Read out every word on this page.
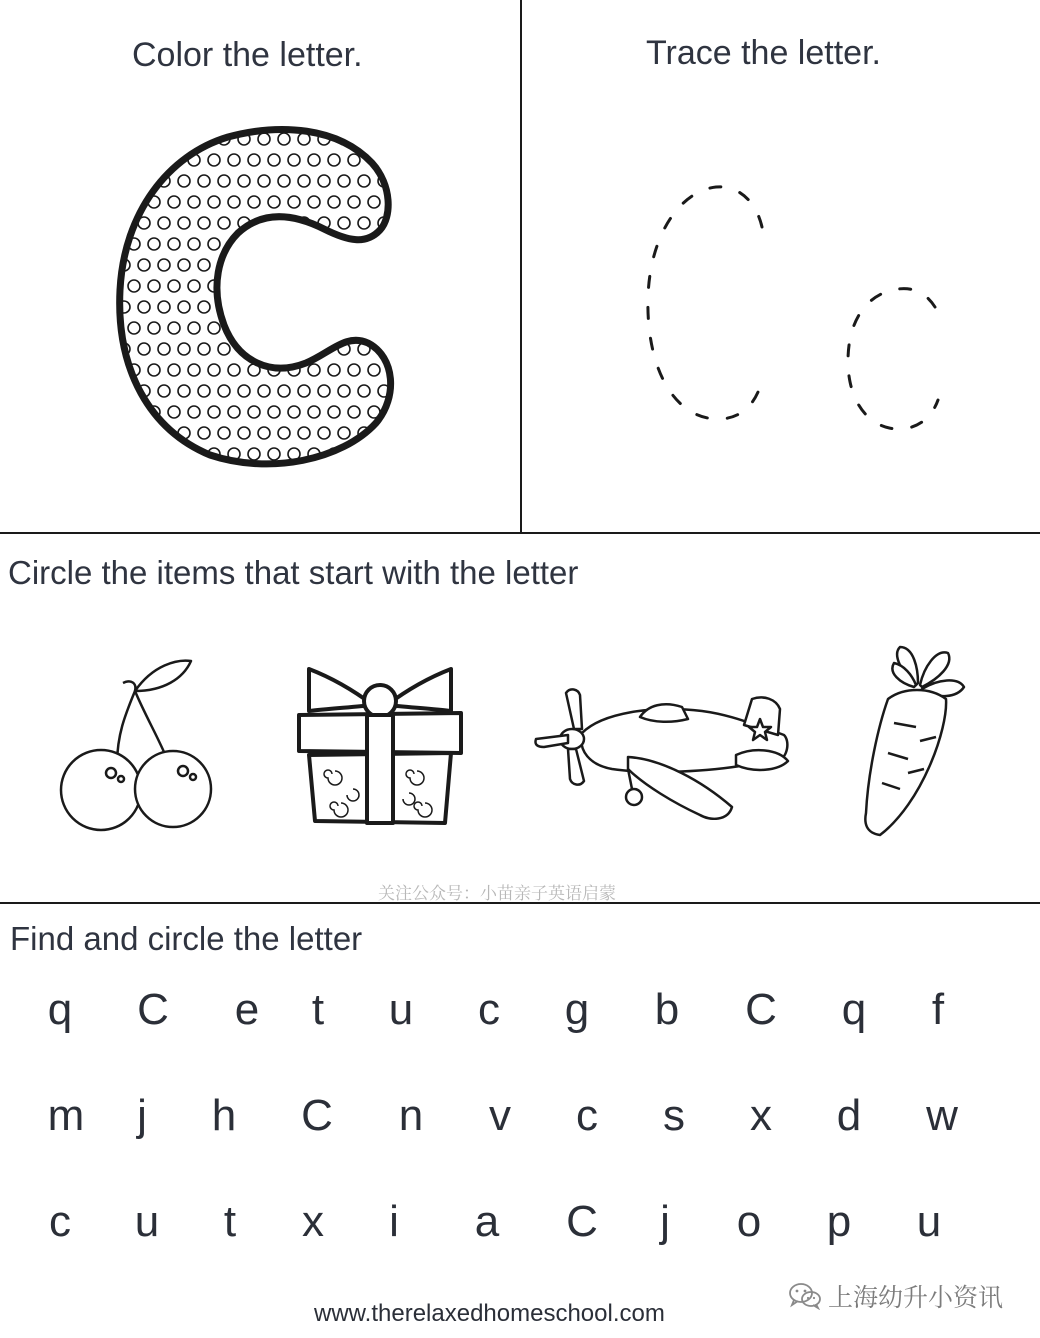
Color the letter.	Trace the letter.
Circle the items that start with the letter
关注公众号：小苗亲子英语启蒙
Find and circle the letter
q	C	e	t	u	c	g	b	C	q	f
m	j	h	C	n	v	c	s	x	d	w
c	u	t	x	i	a	C	j	o	p	u
www.therelaxedhomeschool.com
上海幼升小资讯
